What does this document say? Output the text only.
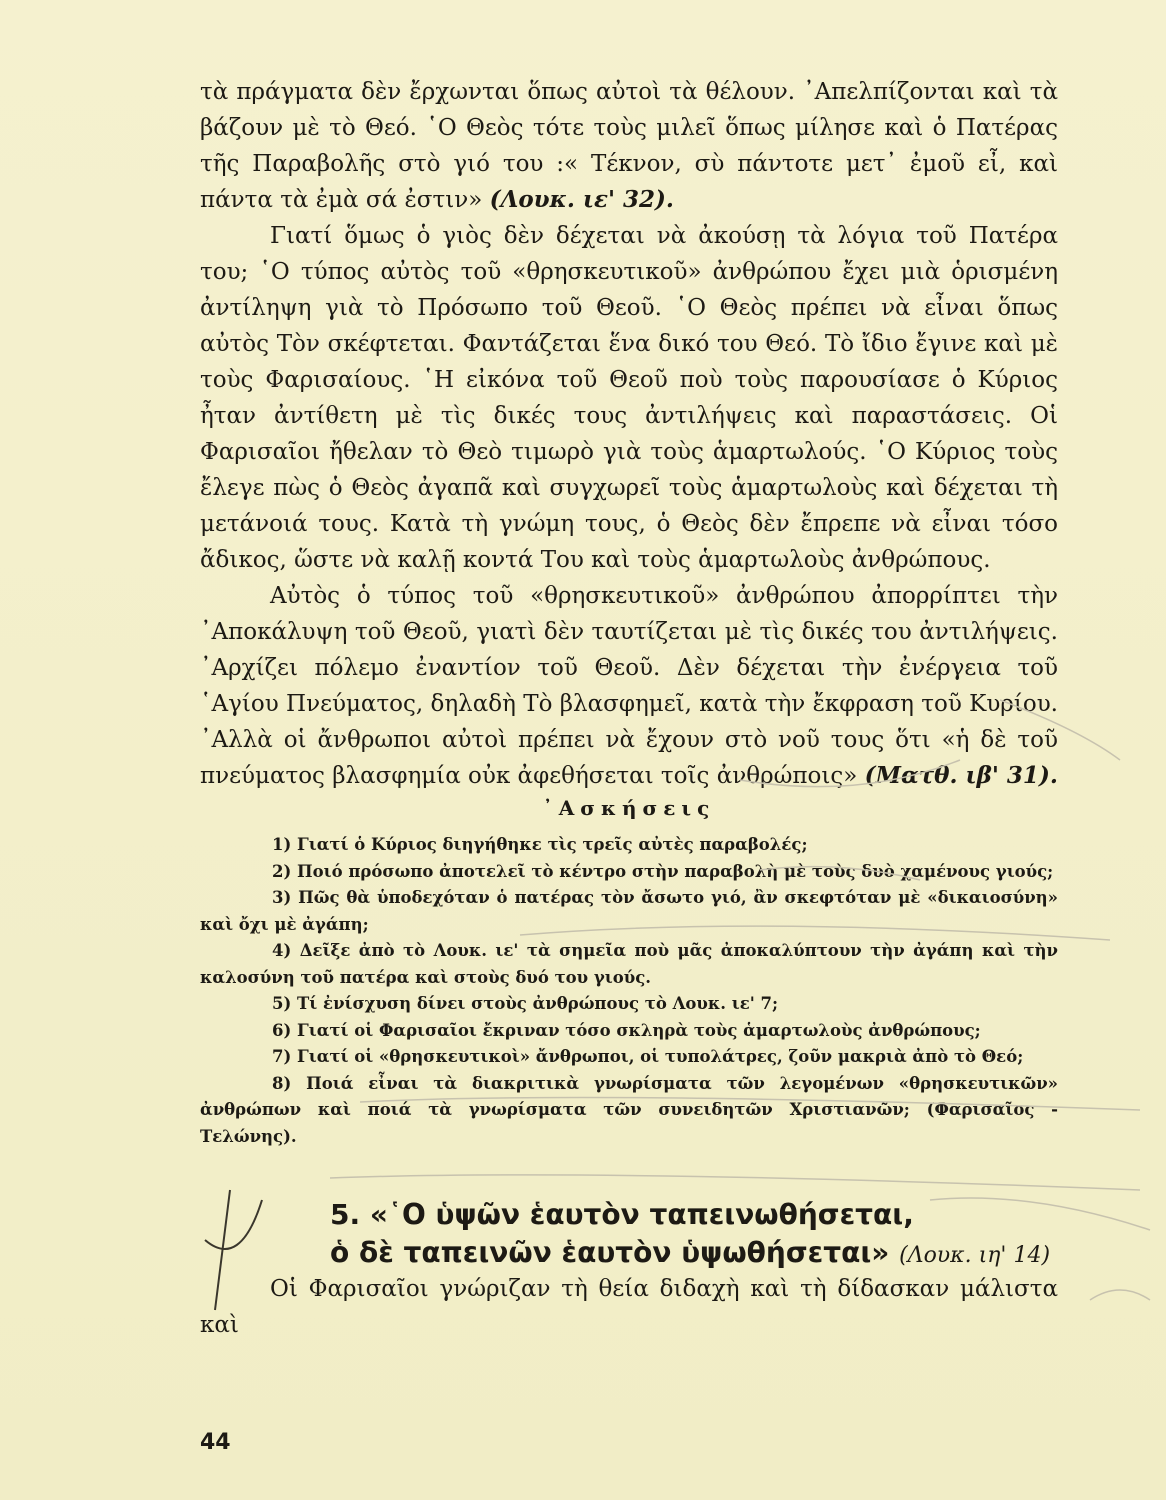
τὰ πράγματα δὲν ἔρχωνται ὅπως αὐτοὶ τὰ θέλουν. ᾿Απελπίζονται καὶ τὰ βάζουν μὲ τὸ Θεό. ῾Ο Θεὸς τότε τοὺς μιλεῖ ὅπως μίλησε καὶ ὁ Πατέρας τῆς Παραβολῆς στὸ γιό του :« Τέκνον, σὺ πάντοτε μετ᾽ ἐμοῦ εἶ, καὶ πάντα τὰ ἐμὰ σά ἐστιν» (Λουκ. ιε' 32).

Γιατί ὅμως ὁ γιὸς δὲν δέχεται νὰ ἀκούσῃ τὰ λόγια τοῦ Πατέρα του; ῾Ο τύπος αὐτὸς τοῦ «θρησκευτικοῦ» ἀνθρώπου ἔχει μιὰ ὁρισμένη ἀντίληψη γιὰ τὸ Πρόσωπο τοῦ Θεοῦ. ῾Ο Θεὸς πρέπει νὰ εἶναι ὅπως αὐτὸς Τὸν σκέφτεται. Φαντάζεται ἕνα δικό του Θεό. Τὸ ἴδιο ἔγινε καὶ μὲ τοὺς Φαρισαίους. ῾Η εἰκόνα τοῦ Θεοῦ ποὺ τοὺς παρουσίασε ὁ Κύριος ἦταν ἀντίθετη μὲ τὶς δικές τους ἀντιλήψεις καὶ παραστάσεις. Οἱ Φαρισαῖοι ἤθελαν τὸ Θεὸ τιμωρὸ γιὰ τοὺς ἁμαρτωλούς. ῾Ο Κύριος τοὺς ἔλεγε πὼς ὁ Θεὸς ἀγαπᾶ καὶ συγχωρεῖ τοὺς ἁμαρτωλοὺς καὶ δέχεται τὴ μετάνοιά τους. Κατὰ τὴ γνώμη τους, ὁ Θεὸς δὲν ἔπρεπε νὰ εἶναι τόσο ἄδικος, ὥστε νὰ καλῇ κοντά Του καὶ τοὺς ἁμαρτωλοὺς ἀνθρώπους.

Αὐτὸς ὁ τύπος τοῦ «θρησκευτικοῦ» ἀνθρώπου ἀπορρίπτει τὴν ᾿Αποκάλυψη τοῦ Θεοῦ, γιατὶ δὲν ταυτίζεται μὲ τὶς δικές του ἀντιλήψεις. ᾿Αρχίζει πόλεμο ἐναντίον τοῦ Θεοῦ. Δὲν δέχεται τὴν ἐνέργεια τοῦ ῾Αγίου Πνεύματος, δηλαδὴ Τὸ βλασφημεῖ, κατὰ τὴν ἔκφραση τοῦ Κυρίου. ᾿Αλλὰ οἱ ἄνθρωποι αὐτοὶ πρέπει νὰ ἔχουν στὸ νοῦ τους ὅτι «ἡ δὲ τοῦ πνεύματος βλασφημία οὐκ ἀφεθήσεται τοῖς ἀνθρώποις» (Ματθ. ιβ' 31).

᾿Ασκήσεις

1) Γιατί ὁ Κύριος διηγήθηκε τὶς τρεῖς αὐτὲς παραβολές;

2) Ποιό πρόσωπο ἀποτελεῖ τὸ κέντρο στὴν παραβολὴ μὲ τοὺς δυὸ χαμένους γιούς;

3) Πῶς θὰ ὑποδεχόταν ὁ πατέρας τὸν ἄσωτο γιό, ἂν σκεφτόταν μὲ «δικαιοσύνη» καὶ ὄχι μὲ ἀγάπη;

4) Δεῖξε ἀπὸ τὸ Λουκ. ιε' τὰ σημεῖα ποὺ μᾶς ἀποκαλύπτουν τὴν ἀγάπη καὶ τὴν καλοσύνη τοῦ πατέρα καὶ στοὺς δυό του γιούς.

5) Τί ἐνίσχυση δίνει στοὺς ἀνθρώπους τὸ Λουκ. ιε' 7;

6) Γιατί οἱ Φαρισαῖοι ἔκριναν τόσο σκληρὰ τοὺς ἁμαρτωλοὺς ἀνθρώπους;

7) Γιατί οἱ «θρησκευτικοὶ» ἄνθρωποι, οἱ τυπολάτρες, ζοῦν μακριὰ ἀπὸ τὸ Θεό;

8) Ποιά εἶναι τὰ διακριτικὰ γνωρίσματα τῶν λεγομένων «θρησκευτικῶν» ἀνθρώπων καὶ ποιά τὰ γνωρίσματα τῶν συνειδητῶν Χριστιανῶν; (Φαρισαῖος - Τελώνης).

5. «῾Ο ὑψῶν ἑαυτὸν ταπεινωθήσεται,
ὁ δὲ ταπεινῶν ἑαυτὸν ὑψωθήσεται» (Λουκ. ιη' 14)
Οἱ Φαρισαῖοι γνώριζαν τὴ θεία διδαχὴ καὶ τὴ δίδασκαν μάλιστα καὶ
44
